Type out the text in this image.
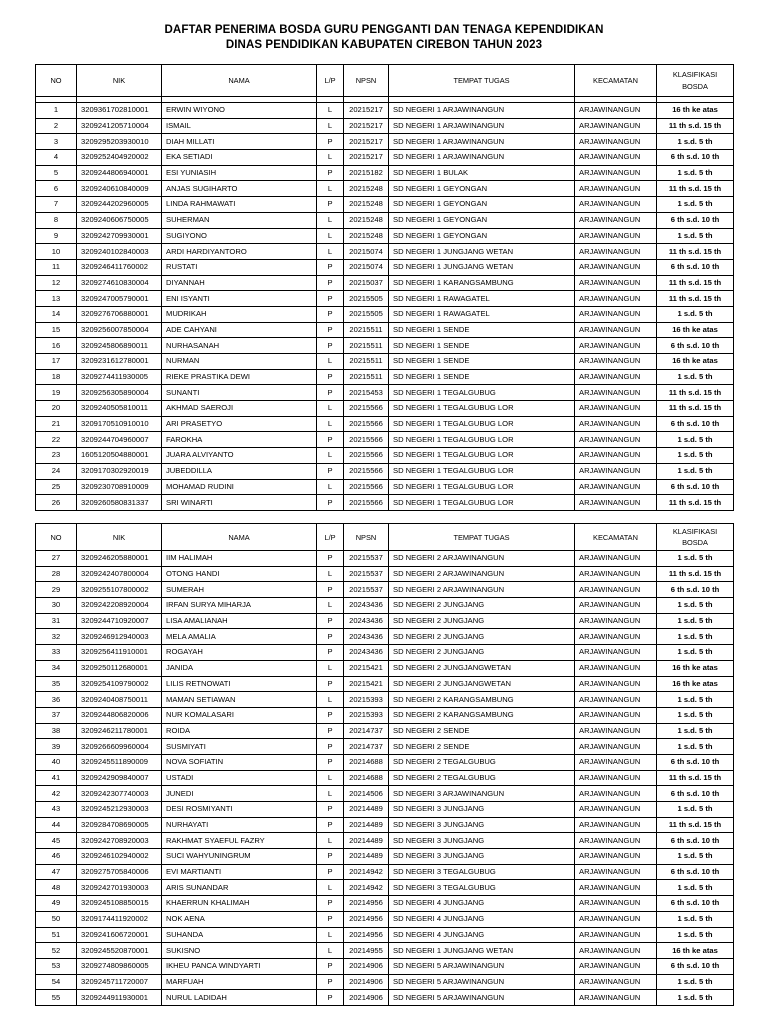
DAFTAR PENERIMA BOSDA GURU PENGGANTI DAN TENAGA KEPENDIDIKAN
DINAS PENDIDIKAN KABUPATEN CIREBON TAHUN 2023
NO	NIK	NAMA	L/P	NPSN	TEMPAT TUGAS	KECAMATAN	KLASIFIKASI
BOSDA

1	3209361702810001	ERWIN WIYONO	L	20215217	SD NEGERI 1 ARJAWINANGUN	ARJAWINANGUN	16 th ke atas
2	3209241205710004	ISMAIL	L	20215217	SD NEGERI 1 ARJAWINANGUN	ARJAWINANGUN	11 th s.d. 15 th
3	3209295203930010	DIAH MILLATI	P	20215217	SD NEGERI 1 ARJAWINANGUN	ARJAWINANGUN	1 s.d. 5 th
4	3209252404920002	EKA SETIADI	L	20215217	SD NEGERI 1 ARJAWINANGUN	ARJAWINANGUN	6 th s.d. 10 th
5	3209244806940001	ESI YUNIASIH	P	20215182	SD NEGERI 1 BULAK	ARJAWINANGUN	1 s.d. 5 th
6	3209240610840009	ANJAS SUGIHARTO	L	20215248	SD NEGERI 1 GEYONGAN	ARJAWINANGUN	11 th s.d. 15 th
7	3209244202960005	LINDA RAHMAWATI	P	20215248	SD NEGERI 1 GEYONGAN	ARJAWINANGUN	1 s.d. 5 th
8	3209240606750005	SUHERMAN	L	20215248	SD NEGERI 1 GEYONGAN	ARJAWINANGUN	6 th s.d. 10 th
9	3209242709930001	SUGIYONO	L	20215248	SD NEGERI 1 GEYONGAN	ARJAWINANGUN	1 s.d. 5 th
10	3209240102840003	ARDI HARDIYANTORO	L	20215074	SD NEGERI 1 JUNGJANG WETAN	ARJAWINANGUN	11 th s.d. 15 th
11	3209246411760002	RUSTATI	P	20215074	SD NEGERI 1 JUNGJANG WETAN	ARJAWINANGUN	6 th s.d. 10 th
12	3209274610830004	DIYANNAH	P	20215037	SD NEGERI 1 KARANGSAMBUNG	ARJAWINANGUN	11 th s.d. 15 th
13	3209247005790001	ENI ISYANTI	P	20215505	SD NEGERI 1 RAWAGATEL	ARJAWINANGUN	11 th s.d. 15 th
14	3209276706880001	MUDRIKAH	P	20215505	SD NEGERI 1 RAWAGATEL	ARJAWINANGUN	1 s.d. 5 th
15	3209256007850004	ADE CAHYANI	P	20215511	SD NEGERI 1 SENDE	ARJAWINANGUN	16 th ke atas
16	3209245806890011	NURHASANAH	P	20215511	SD NEGERI 1 SENDE	ARJAWINANGUN	6 th s.d. 10 th
17	3209231612780001	NURMAN	L	20215511	SD NEGERI 1 SENDE	ARJAWINANGUN	16 th ke atas
18	3209274411930005	RIEKE PRASTIKA DEWI	P	20215511	SD NEGERI 1 SENDE	ARJAWINANGUN	1 s.d. 5 th
19	3209256305890004	SUNANTI	P	20215453	SD NEGERI 1 TEGALGUBUG	ARJAWINANGUN	11 th s.d. 15 th
20	3209240505810011	AKHMAD SAEROJI	L	20215566	SD NEGERI 1 TEGALGUBUG LOR	ARJAWINANGUN	11 th s.d. 15 th
21	3209170510910010	ARI PRASETYO	L	20215566	SD NEGERI 1 TEGALGUBUG LOR	ARJAWINANGUN	6 th s.d. 10 th
22	3209244704960007	FAROKHA	P	20215566	SD NEGERI 1 TEGALGUBUG LOR	ARJAWINANGUN	1 s.d. 5 th
23	1605120504880001	JUARA ALVIYANTO	L	20215566	SD NEGERI 1 TEGALGUBUG LOR	ARJAWINANGUN	1 s.d. 5 th
24	3209170302920019	JUBEDDILLA	P	20215566	SD NEGERI 1 TEGALGUBUG LOR	ARJAWINANGUN	1 s.d. 5 th
25	3209230708910009	MOHAMAD RUDINI	L	20215566	SD NEGERI 1 TEGALGUBUG LOR	ARJAWINANGUN	6 th s.d. 10 th
26	3209260580831337	SRI WINARTI	P	20215566	SD NEGERI 1 TEGALGUBUG LOR	ARJAWINANGUN	11 th s.d. 15 th
NO	NIK	NAMA	L/P	NPSN	TEMPAT TUGAS	KECAMATAN	KLASIFIKASI
BOSDA
27	3209246205880001	IIM HALIMAH	P	20215537	SD NEGERI 2 ARJAWINANGUN	ARJAWINANGUN	1 s.d. 5 th
28	3209242407800004	OTONG HANDI	L	20215537	SD NEGERI 2 ARJAWINANGUN	ARJAWINANGUN	11 th s.d. 15 th
29	3209255107800002	SUMERAH	P	20215537	SD NEGERI 2 ARJAWINANGUN	ARJAWINANGUN	6 th s.d. 10 th
30	3209242208920004	IRFAN SURYA MIHARJA	L	20243436	SD NEGERI 2 JUNGJANG	ARJAWINANGUN	1 s.d. 5 th
31	3209244710920007	LISA AMALIANAH	P	20243436	SD NEGERI 2 JUNGJANG	ARJAWINANGUN	1 s.d. 5 th
32	3209246912940003	MELA AMALIA	P	20243436	SD NEGERI 2 JUNGJANG	ARJAWINANGUN	1 s.d. 5 th
33	3209256411910001	ROGAYAH	P	20243436	SD NEGERI 2 JUNGJANG	ARJAWINANGUN	1 s.d. 5 th
34	3209250112680001	JANIDA	L	20215421	SD NEGERI 2 JUNGJANGWETAN	ARJAWINANGUN	16 th ke atas
35	3209254109790002	LILIS RETNOWATI	P	20215421	SD NEGERI 2 JUNGJANGWETAN	ARJAWINANGUN	16 th ke atas
36	3209240408750011	MAMAN SETIAWAN	L	20215393	SD NEGERI 2 KARANGSAMBUNG	ARJAWINANGUN	1 s.d. 5 th
37	3209244806820006	NUR KOMALASARI	P	20215393	SD NEGERI 2 KARANGSAMBUNG	ARJAWINANGUN	1 s.d. 5 th
38	3209246211780001	ROIDA	P	20214737	SD NEGERI 2 SENDE	ARJAWINANGUN	1 s.d. 5 th
39	3209266609960004	SUSMIYATI	P	20214737	SD NEGERI 2 SENDE	ARJAWINANGUN	1 s.d. 5 th
40	3209245511890009	NOVA SOFIATIN	P	20214688	SD NEGERI 2 TEGALGUBUG	ARJAWINANGUN	6 th s.d. 10 th
41	3209242909840007	USTADI	L	20214688	SD NEGERI 2 TEGALGUBUG	ARJAWINANGUN	11 th s.d. 15 th
42	3209242307740003	JUNEDI	L	20214506	SD NEGERI 3 ARJAWINANGUN	ARJAWINANGUN	6 th s.d. 10 th
43	3209245212930003	DESI ROSMIYANTI	P	20214489	SD NEGERI 3 JUNGJANG	ARJAWINANGUN	1 s.d. 5 th
44	3209284708690005	NURHAYATI	P	20214489	SD NEGERI 3 JUNGJANG	ARJAWINANGUN	11 th s.d. 15 th
45	3209242708920003	RAKHMAT SYAEFUL FAZRY	L	20214489	SD NEGERI 3 JUNGJANG	ARJAWINANGUN	6 th s.d. 10 th
46	3209246102940002	SUCI WAHYUNINGRUM	P	20214489	SD NEGERI 3 JUNGJANG	ARJAWINANGUN	1 s.d. 5 th
47	3209275705840006	EVI MARTIANTI	P	20214942	SD NEGERI 3 TEGALGUBUG	ARJAWINANGUN	6 th s.d. 10 th
48	3209242701930003	ARIS SUNANDAR	L	20214942	SD NEGERI 3 TEGALGUBUG	ARJAWINANGUN	1 s.d. 5 th
49	3209245108850015	KHAERRUN KHALIMAH	P	20214956	SD NEGERI 4 JUNGJANG	ARJAWINANGUN	6 th s.d. 10 th
50	3209174411920002	NOK AENA	P	20214956	SD NEGERI 4 JUNGJANG	ARJAWINANGUN	1 s.d. 5 th
51	3209241606720001	SUHANDA	L	20214956	SD NEGERI 4 JUNGJANG	ARJAWINANGUN	1 s.d. 5 th
52	3209245520870001	SUKISNO	L	20214955	SD NEGERI 1 JUNGJANG WETAN	ARJAWINANGUN	16 th ke atas
53	3209274809860005	IKHEU PANCA WINDYARTI	P	20214906	SD NEGERI 5 ARJAWINANGUN	ARJAWINANGUN	6 th s.d. 10 th
54	3209245711720007	MARFUAH	P	20214906	SD NEGERI 5 ARJAWINANGUN	ARJAWINANGUN	1 s.d. 5 th
55	3209244911930001	NURUL LADIDAH	P	20214906	SD NEGERI 5 ARJAWINANGUN	ARJAWINANGUN	1 s.d. 5 th
